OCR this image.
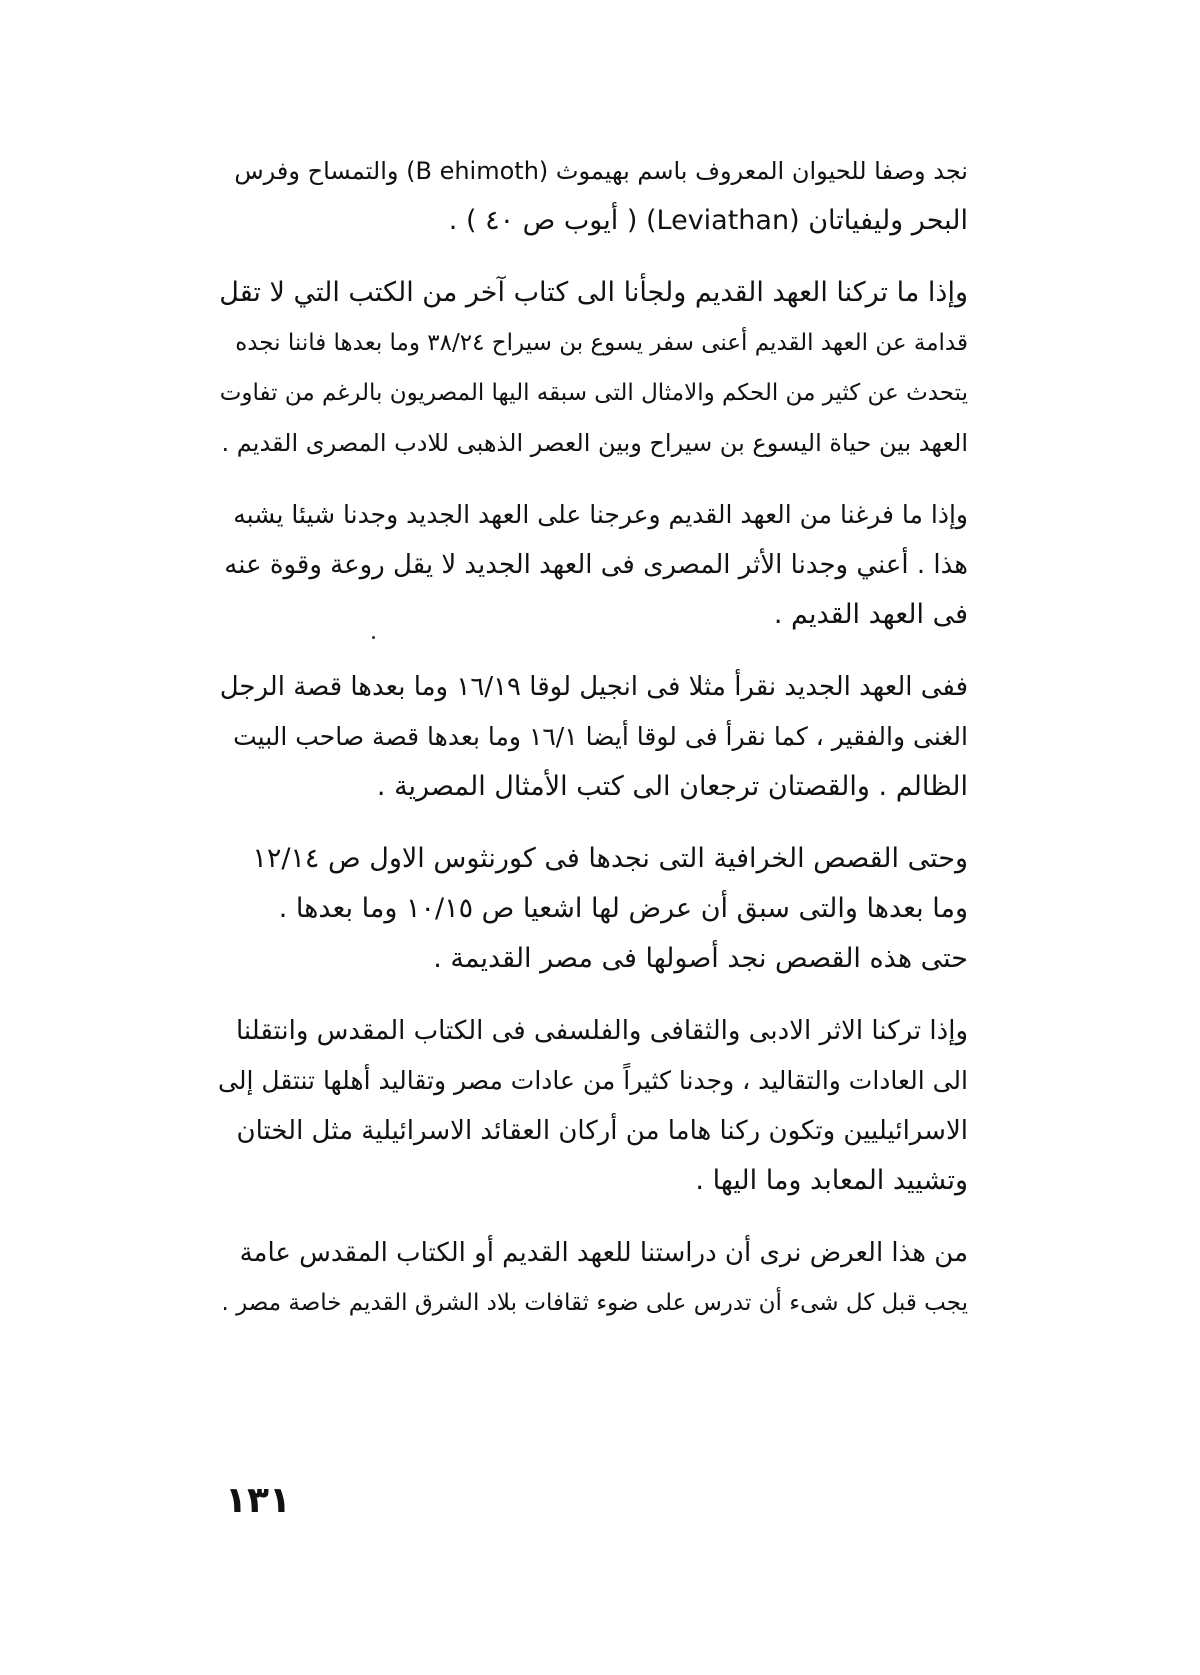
نجد وصفا للحيوان المعروف باسم بهيموث (B ehimoth) والتمساح وفرس
البحر وليفياتان (Leviathan) ( أيوب ص ٤٠ ) .
وإذا ما تركنا العهد القديم ولجأنا الى كتاب آخر من الكتب التي لا تقل
قدامة عن العهد القديم أعنى سفر يسوع بن سيراح ٣٨/٢٤ وما بعدها فاننا نجده
يتحدث عن كثير من الحكم والامثال التى سبقه اليها المصريون بالرغم من تفاوت
العهد بين حياة اليسوع بن سيراح وبين العصر الذهبى للادب المصرى القديم .
وإذا ما فرغنا من العهد القديم وعرجنا على العهد الجديد وجدنا شيئا يشبه
هذا . أعني وجدنا الأثر المصرى فى العهد الجديد لا يقل روعة وقوة عنه
فى العهد القديم .
ففى العهد الجديد نقرأ مثلا فى انجيل لوقا ١٦/١٩ وما بعدها قصة الرجل
الغنى والفقير ، كما نقرأ فى لوقا أيضا ١٦/١ وما بعدها قصة صاحب البيت
الظالم . والقصتان ترجعان الى كتب الأمثال المصرية .
وحتى القصص الخرافية التى نجدها فى كورنثوس الاول ص ١٢/١٤
وما بعدها والتى سبق أن عرض لها اشعيا ص ١٠/١٥ وما بعدها .
حتى هذه القصص نجد أصولها فى مصر القديمة .
وإذا تركنا الاثر الادبى والثقافى والفلسفى فى الكتاب المقدس وانتقلنا
الى العادات والتقاليد ، وجدنا كثيراً من عادات مصر وتقاليد أهلها تنتقل إلى
الاسرائيليين وتكون ركنا هاما من أركان العقائد الاسرائيلية مثل الختان
وتشييد المعابد وما اليها .
من هذا العرض نرى أن دراستنا للعهد القديم أو الكتاب المقدس عامة
يجب قبل كل شىء أن تدرس على ضوء ثقافات بلاد الشرق القديم خاصة مصر .
١٣١
